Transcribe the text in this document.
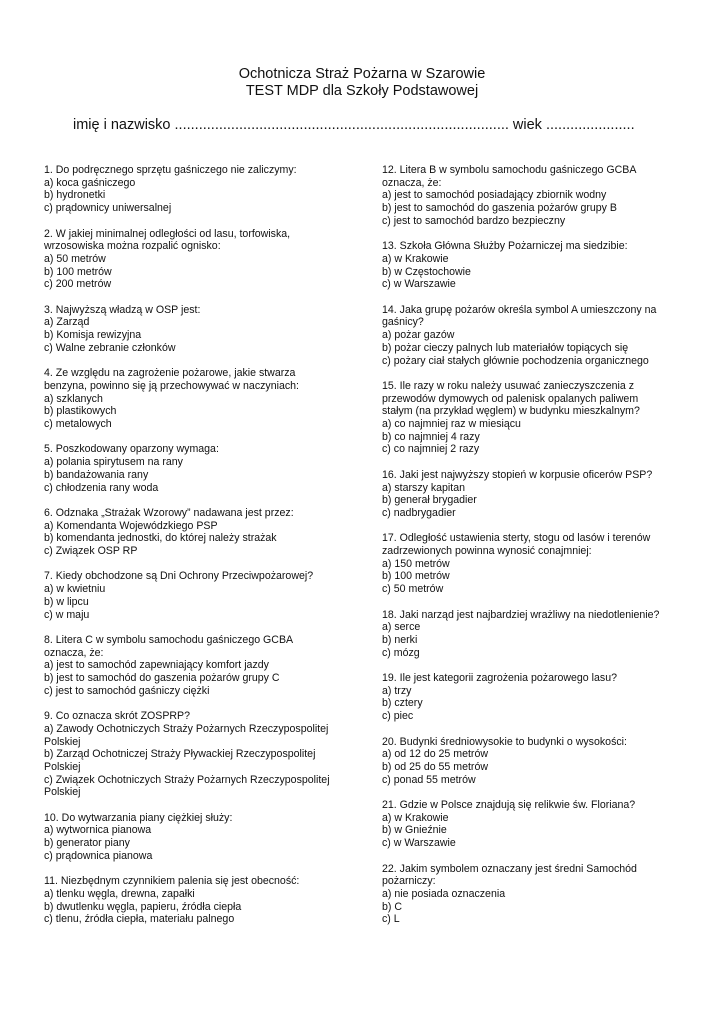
Ochotnicza Straż Pożarna w Szarowie
TEST MDP dla Szkoły Podstawowej
imię i nazwisko ................................................................................... wiek ......................
1. Do podręcznego sprzętu gaśniczego nie zaliczymy:
a) koca gaśniczego
b) hydronetki
c) prądownicy uniwersalnej
2. W jakiej minimalnej odległości od lasu, torfowiska,
wrzosowiska można rozpalić ognisko:
a) 50 metrów
b) 100 metrów
c) 200 metrów
3. Najwyższą władzą w OSP jest:
a) Zarząd
b) Komisja rewizyjna
c) Walne zebranie członków
4. Ze względu na zagrożenie pożarowe, jakie stwarza
benzyna, powinno się ją przechowywać w naczyniach:
a) szklanych
b) plastikowych
c) metalowych
5. Poszkodowany oparzony wymaga:
a) polania spirytusem na rany
b) bandażowania rany
c) chłodzenia rany woda
6. Odznaka „Strażak Wzorowy” nadawana jest przez:
a) Komendanta Wojewódzkiego PSP
b) komendanta jednostki, do której należy strażak
c) Związek OSP RP
7. Kiedy obchodzone są Dni Ochrony Przeciwpożarowej?
a) w kwietniu
b) w lipcu
c) w maju
8. Litera C w symbolu samochodu gaśniczego GCBA
oznacza, że:
a) jest to samochód zapewniający komfort jazdy
b) jest to samochód do gaszenia pożarów grupy C
c) jest to samochód gaśniczy ciężki
9. Co oznacza skrót ZOSPRP?
a) Zawody Ochotniczych Straży Pożarnych Rzeczypospolitej
Polskiej
b) Zarząd Ochotniczej Straży Pływackiej Rzeczypospolitej
Polskiej
c) Związek Ochotniczych Straży Pożarnych Rzeczypospolitej
Polskiej
10. Do wytwarzania piany ciężkiej służy:
a) wytwornica pianowa
b) generator piany
c) prądownica pianowa
11. Niezbędnym czynnikiem palenia się jest obecność:
a) tlenku węgla, drewna, zapałki
b) dwutlenku węgla, papieru, źródła ciepła
c) tlenu, źródła ciepła, materiału palnego
12. Litera B w symbolu samochodu gaśniczego GCBA
oznacza, że:
a) jest to samochód posiadający zbiornik wodny
b) jest to samochód do gaszenia pożarów grupy B
c) jest to samochód bardzo bezpieczny
13. Szkoła Główna Służby Pożarniczej ma siedzibie:
a) w Krakowie
b) w Częstochowie
c) w Warszawie
14. Jaka grupę pożarów określa symbol A umieszczony na
gaśnicy?
a) pożar gazów
b) pożar cieczy palnych lub materiałów topiących się
c) pożary ciał stałych głównie pochodzenia organicznego
15. Ile razy w roku należy usuwać zanieczyszczenia z
przewodów dymowych od palenisk opalanych paliwem
stałym (na przykład węglem) w budynku mieszkalnym?
a) co najmniej raz w miesiącu
b) co najmniej 4 razy
c) co najmniej 2 razy
16. Jaki jest najwyższy stopień w korpusie oficerów PSP?
a) starszy kapitan
b) generał brygadier
c) nadbrygadier
17. Odległość ustawienia sterty, stogu od lasów i terenów
zadrzewionych powinna wynosić conajmniej:
a) 150 metrów
b) 100 metrów
c) 50 metrów
18. Jaki narząd jest najbardziej wrażliwy na niedotlenienie?
a) serce
b) nerki
c) mózg
19. Ile jest kategorii zagrożenia pożarowego lasu?
a) trzy
b) cztery
c) piec
20. Budynki średniowysokie to budynki o wysokości:
a) od 12 do 25 metrów
b) od 25 do 55 metrów
c) ponad 55 metrów
21. Gdzie w Polsce znajdują się relikwie św. Floriana?
a) w Krakowie
b) w Gnieźnie
c) w Warszawie
22. Jakim symbolem oznaczany jest średni Samochód
pożarniczy:
a) nie posiada oznaczenia
b) C
c) L
